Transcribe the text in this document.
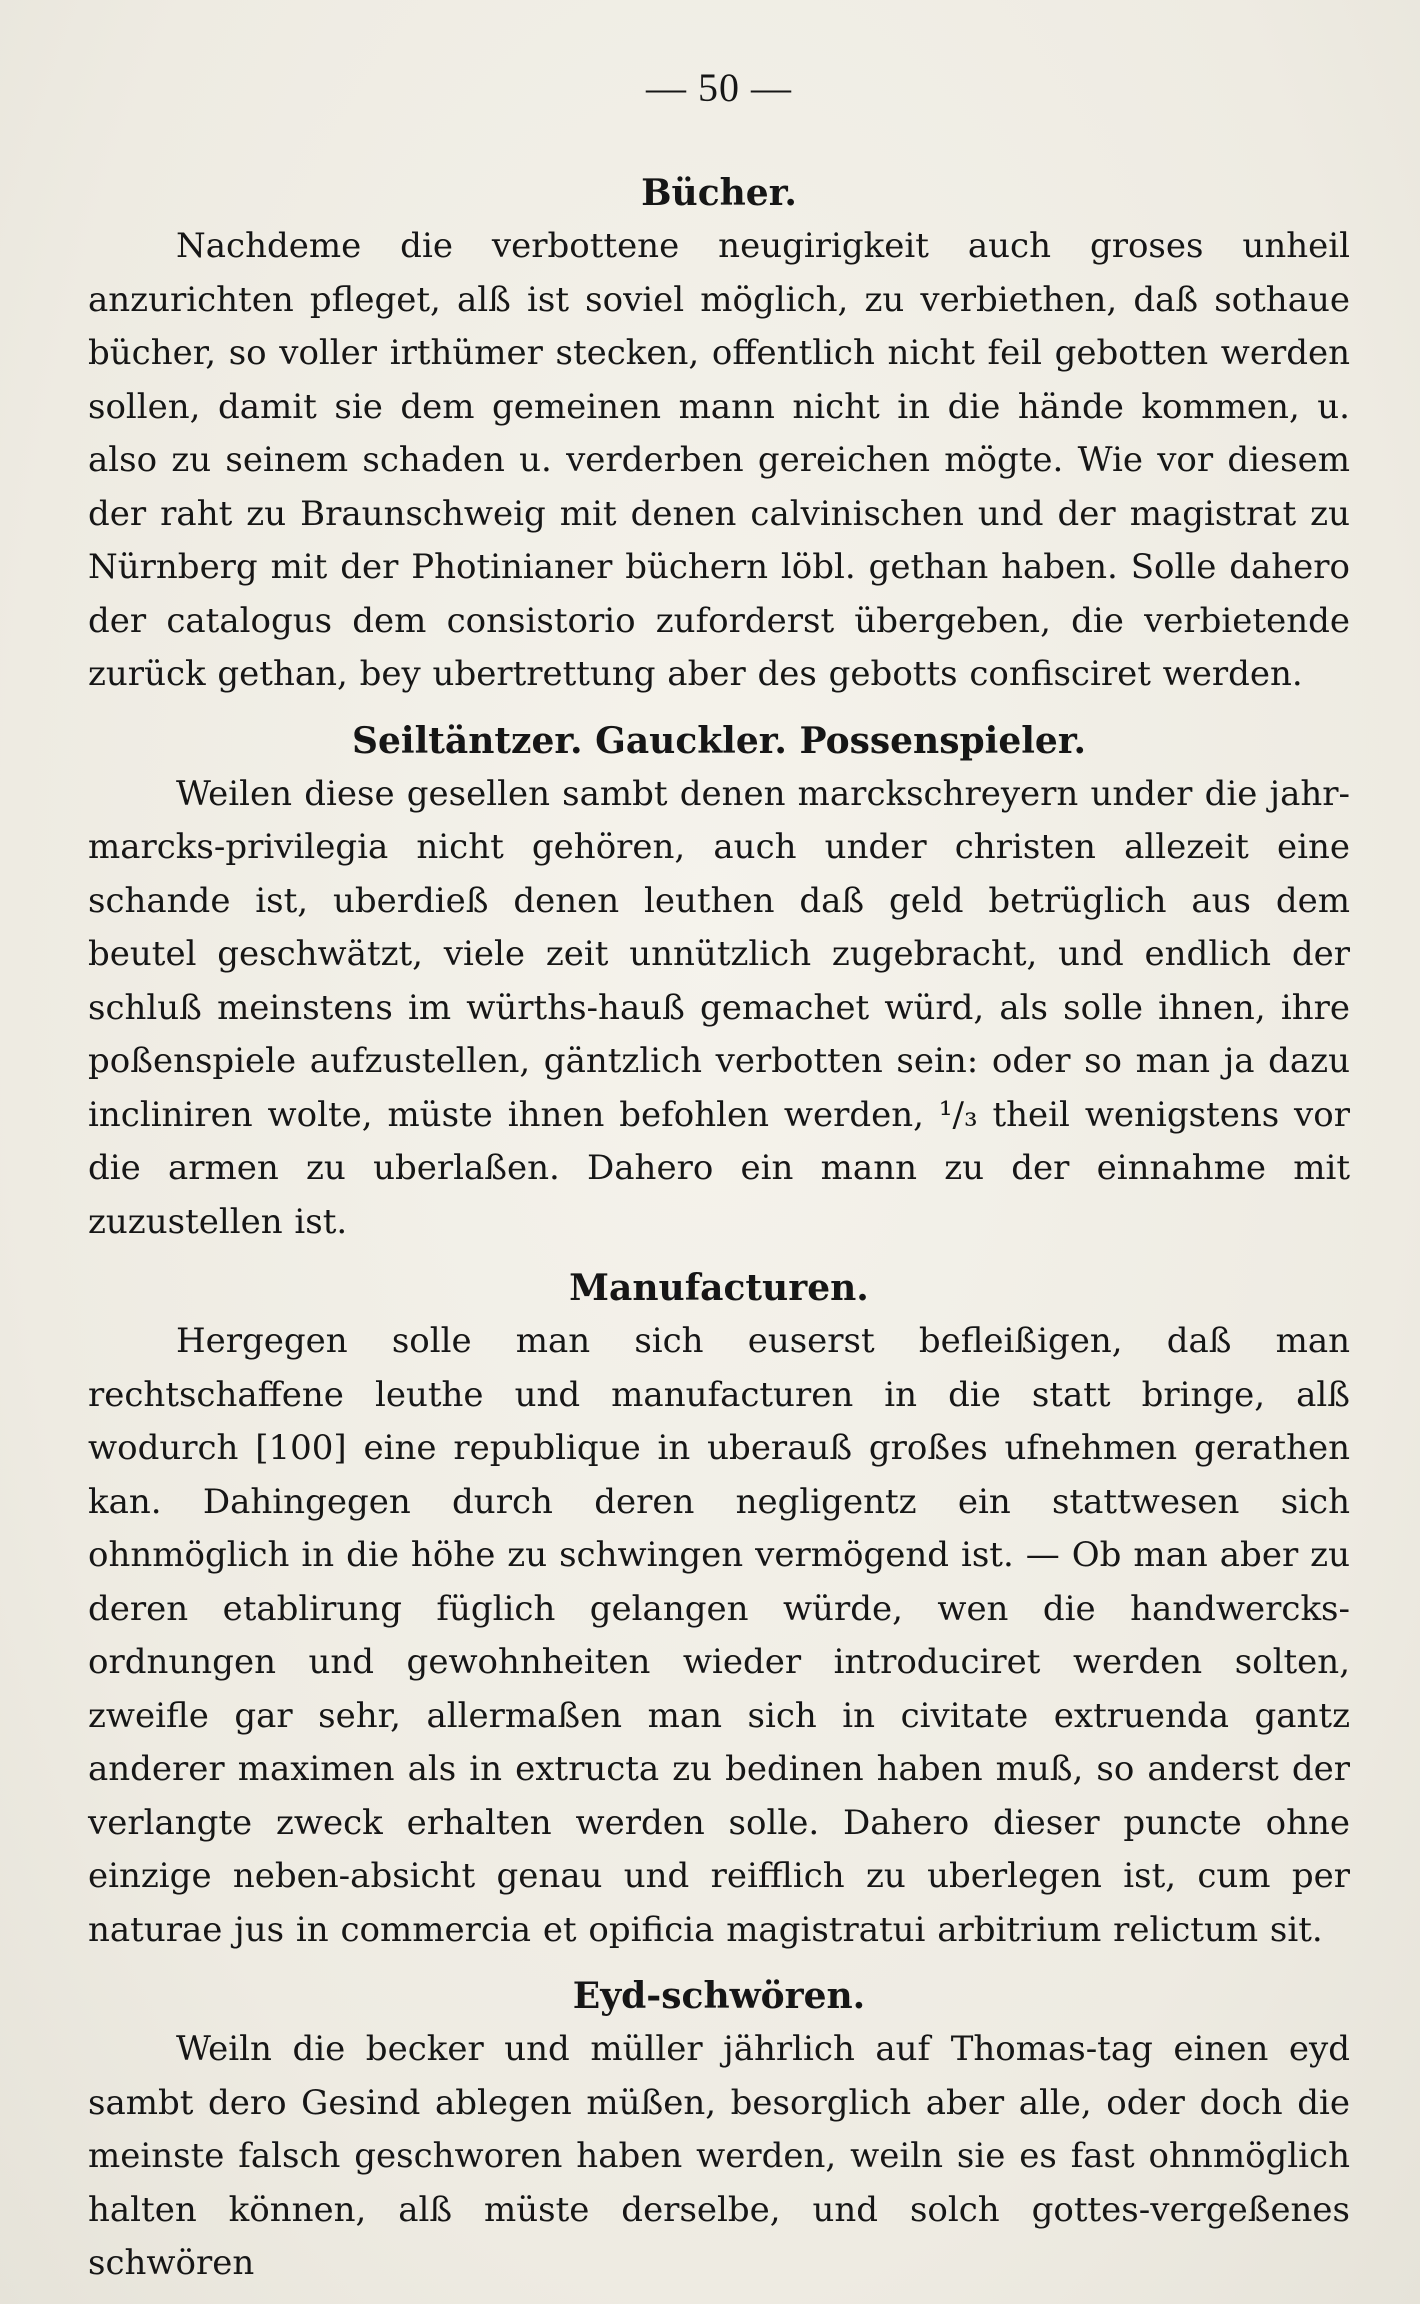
— 50 —
Bücher.

Nachdeme die verbottene neugirigkeit auch groses unheil anzurichten pfleget, alß ist soviel möglich, zu verbiethen, daß sothaue bücher, so voller irthümer stecken, offentlich nicht feil gebotten werden sollen, damit sie dem gemeinen mann nicht in die hände kommen, u. also zu seinem schaden u. verderben gereichen mögte. Wie vor diesem der raht zu Braunschweig mit denen calvinischen und der magistrat zu Nürnberg mit der Photinianer büchern löbl. gethan haben. Solle dahero der catalogus dem consistorio zuforderst übergeben, die verbietende zurück gethan, bey ubertrettung aber des gebotts confisciret werden.

Seiltäntzer. Gauckler. Possenspieler.

Weilen diese gesellen sambt denen marckschreyern under die jahr-marcks-privilegia nicht gehören, auch under christen allezeit eine schande ist, uberdieß denen leuthen daß geld betrüglich aus dem beutel geschwätzt, viele zeit unnützlich zugebracht, und endlich der schluß meinstens im würths-hauß gemachet würd, als solle ihnen, ihre poßenspiele aufzustellen, gäntzlich verbotten sein: oder so man ja dazu incliniren wolte, müste ihnen befohlen werden, ¹/₃ theil wenigstens vor die armen zu uberlaßen. Dahero ein mann zu der einnahme mit zuzustellen ist.

Manufacturen.

Hergegen solle man sich euserst befleißigen, daß man rechtschaffene leuthe und manufacturen in die statt bringe, alß wodurch [100] eine republique in uberauß großes ufnehmen gerathen kan. Dahingegen durch deren negligentz ein stattwesen sich ohnmöglich in die höhe zu schwingen vermögend ist. — Ob man aber zu deren etablirung füglich gelangen würde, wen die handwercks-ordnungen und gewohnheiten wieder introduciret werden solten, zweifle gar sehr, allermaßen man sich in civitate extruenda gantz anderer maximen als in extructa zu bedinen haben muß, so anderst der verlangte zweck erhalten werden solle. Dahero dieser puncte ohne einzige neben-absicht genau und reifflich zu uberlegen ist, cum per naturae jus in commercia et opificia magistratui arbitrium relictum sit.

Eyd-schwören.

Weiln die becker und müller jährlich auf Thomas-tag einen eyd sambt dero Gesind ablegen müßen, besorglich aber alle, oder doch die meinste falsch geschworen haben werden, weiln sie es fast ohnmöglich halten können, alß müste derselbe, und solch gottes-vergeßenes schwören
